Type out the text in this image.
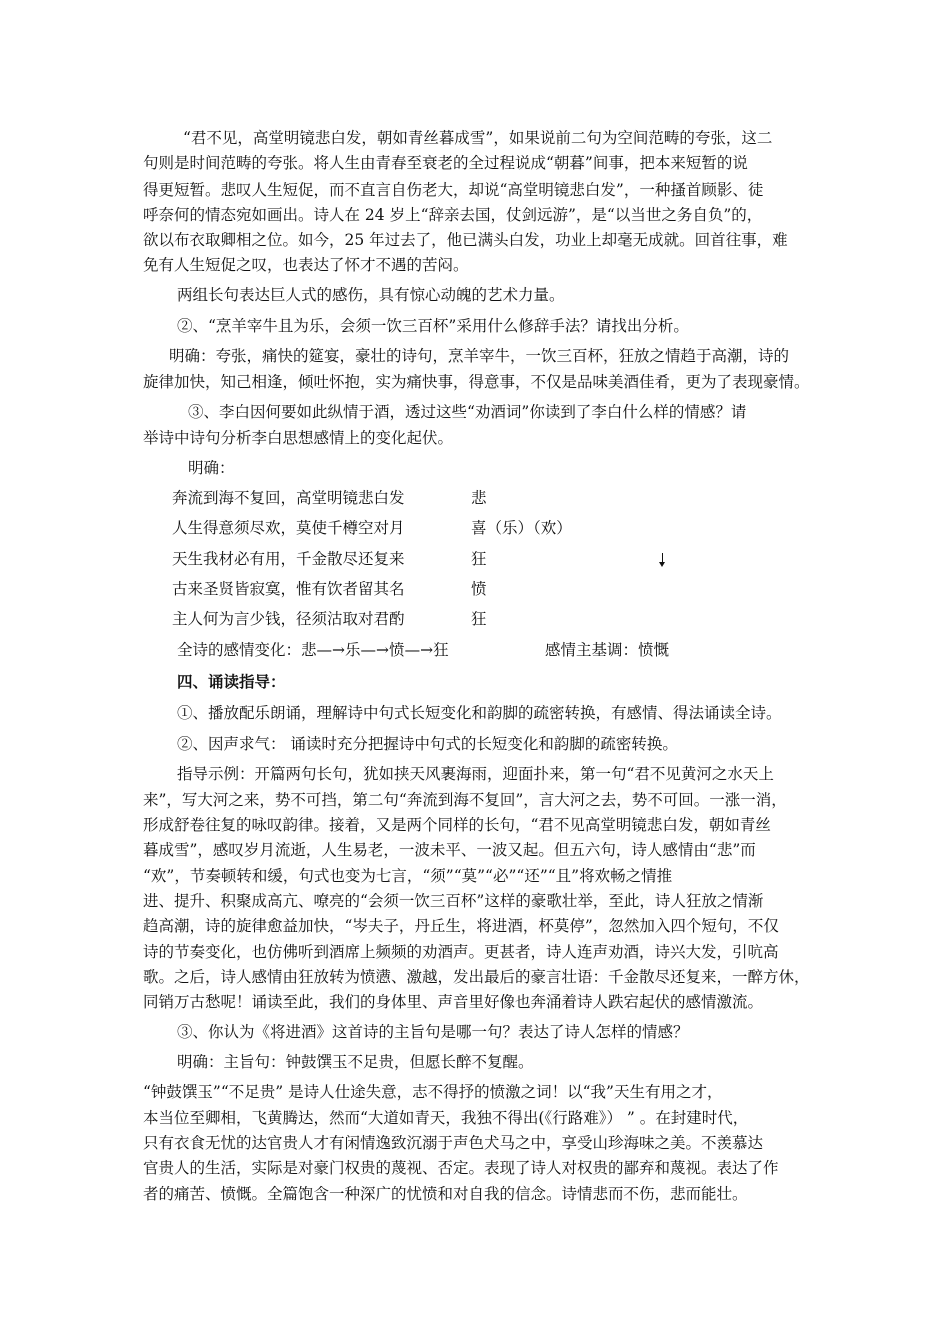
“君不见，高堂明镜悲白发，朝如青丝暮成雪”，如果说前二句为空间范畴的夸张，这二
句则是时间范畴的夸张。将人生由青春至衰老的全过程说成“朝暮”间事，把本来短暂的说
得更短暂。悲叹人生短促，而不直言自伤老大，却说“高堂明镜悲白发”，一种搔首顾影、徒
呼奈何的情态宛如画出。诗人在 24 岁上“辞亲去国，仗剑远游”，是“以当世之务自负”的，
欲以布衣取卿相之位。如今，25 年过去了，他已满头白发，功业上却毫无成就。回首往事，难
免有人生短促之叹，也表达了怀才不遇的苦闷。
两组长句表达巨人式的感伤，具有惊心动魄的艺术力量。
②、“烹羊宰牛且为乐，会须一饮三百杯”采用什么修辞手法？请找出分析。
明确：夸张，痛快的筵宴，豪壮的诗句，烹羊宰牛，一饮三百杯，狂放之情趋于高潮，诗的
旋律加快，知己相逢，倾吐怀抱，实为痛快事，得意事，不仅是品味美酒佳肴，更为了表现豪情。
③、李白因何要如此纵情于酒，透过这些“劝酒词”你读到了李白什么样的情感？请
举诗中诗句分析李白思想感情上的变化起伏。
明确：
奔流到海不复回，高堂明镜悲白发	悲
人生得意须尽欢，莫使千樽空对月	喜（乐）（欢）
天生我材必有用，千金散尽还复来	狂
古来圣贤皆寂寞，惟有饮者留其名	愤
主人何为言少钱，径须沽取对君酌	狂
全诗的感情变化：悲—→乐—→愤—→狂	感情主基调：愤慨
四、诵读指导：
①、播放配乐朗诵，理解诗中句式长短变化和韵脚的疏密转换，有感情、得法诵读全诗。
②、因声求气： 诵读时充分把握诗中句式的长短变化和韵脚的疏密转换。
指导示例：开篇两句长句，犹如挟天风裹海雨，迎面扑来，第一句“君不见黄河之水天上
来”，写大河之来，势不可挡，第二句“奔流到海不复回”，言大河之去，势不可回。一涨一消，
形成舒卷往复的咏叹韵律。接着，又是两个同样的长句，“君不见高堂明镜悲白发，朝如青丝
暮成雪”，感叹岁月流逝，人生易老，一波未平、一波又起。但五六句，诗人感情由“悲”而
“欢”，节奏顿转和缓，句式也变为七言，“须”“莫”“必”“还”“且”将欢畅之情推
进、提升、积聚成高亢、嘹亮的“会须一饮三百杯”这样的豪歌壮举，至此，诗人狂放之情渐
趋高潮，诗的旋律愈益加快，“岑夫子，丹丘生，将进酒，杯莫停”，忽然加入四个短句，不仅
诗的节奏变化，也仿佛听到酒席上频频的劝酒声。更甚者，诗人连声劝酒，诗兴大发，引吭高
歌。之后，诗人感情由狂放转为愤懑、激越，发出最后的豪言壮语：千金散尽还复来，一醉方休，
同销万古愁呢！诵读至此，我们的身体里、声音里好像也奔涌着诗人跌宕起伏的感情激流。
③、你认为《将进酒》这首诗的主旨句是哪一句？表达了诗人怎样的情感？
明确：主旨句：钟鼓馔玉不足贵，但愿长醉不复醒。
“钟鼓馔玉”“不足贵” 是诗人仕途失意，志不得抒的愤激之词！以“我”天生有用之才，
本当位至卿相，飞黄腾达，然而“大道如青天，我独不得出(《行路难》） ” 。在封建时代，
只有衣食无忧的达官贵人才有闲情逸致沉溺于声色犬马之中，享受山珍海味之美。不羡慕达
官贵人的生活，实际是对豪门权贵的蔑视、否定。表现了诗人对权贵的鄙弃和蔑视。表达了作
者的痛苦、愤慨。全篇饱含一种深广的忧愤和对自我的信念。诗情悲而不伤，悲而能壮。
